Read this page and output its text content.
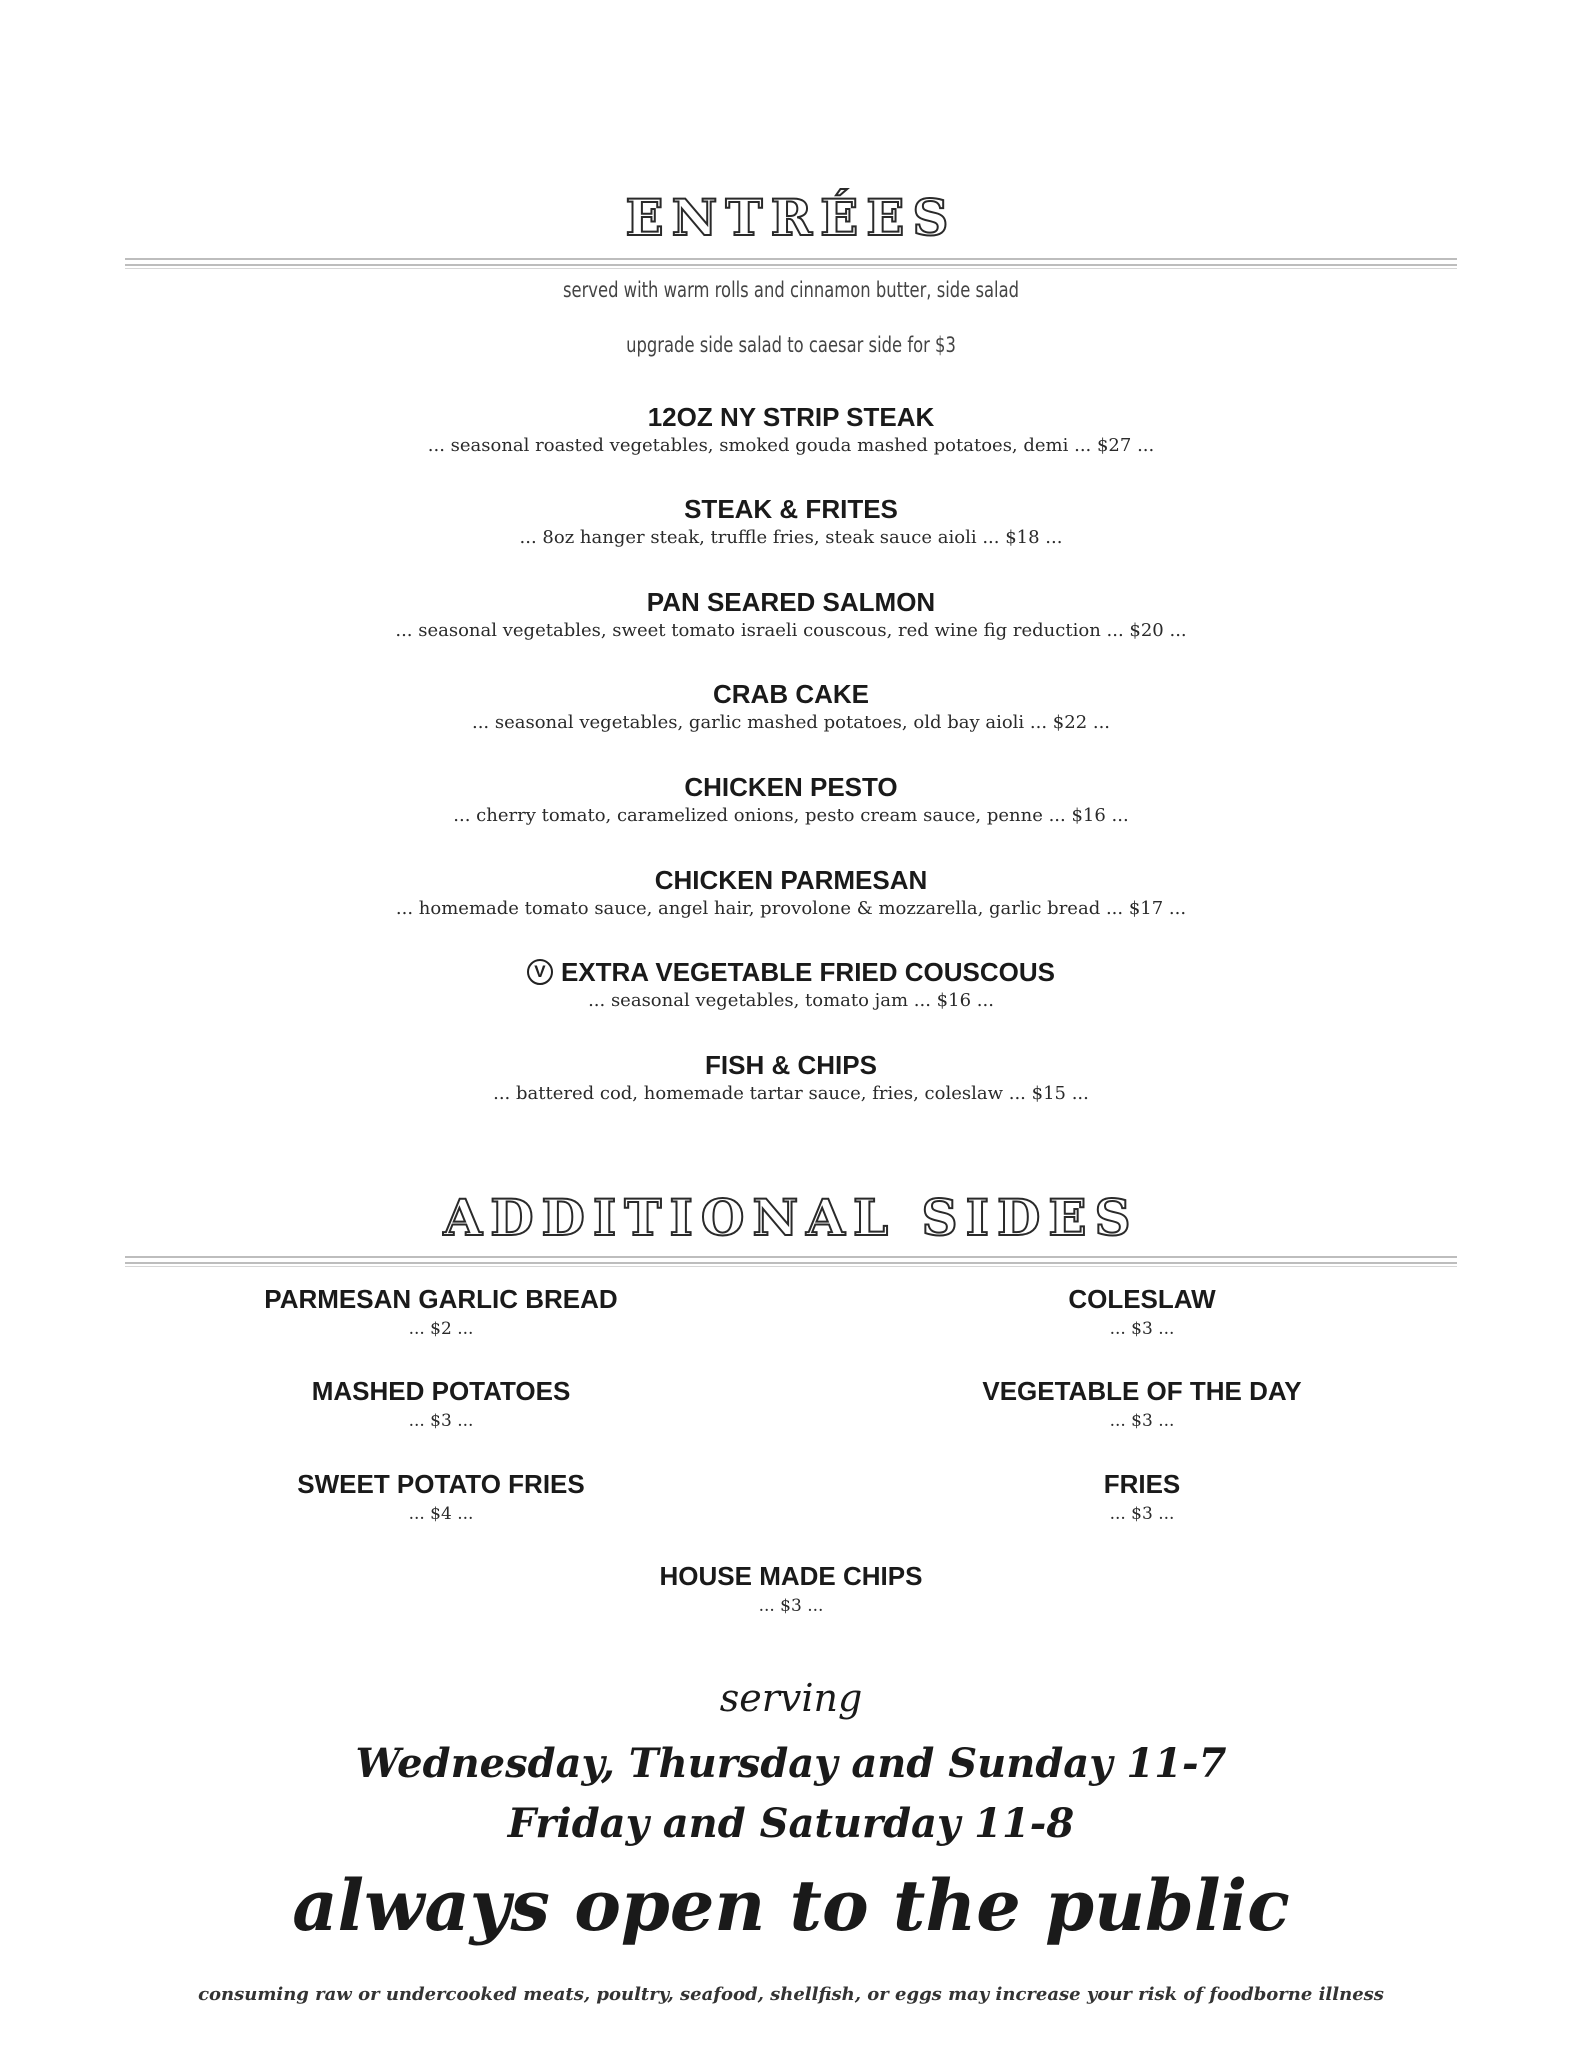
ENTRÉES
served with warm rolls and cinnamon butter, side salad
upgrade side salad to caesar side for $3
12OZ NY STRIP STEAK
... seasonal roasted vegetables, smoked gouda mashed potatoes, demi ... $27 ...
STEAK & FRITES
... 8oz hanger steak, truffle fries, steak sauce aioli ... $18 ...
PAN SEARED SALMON
... seasonal vegetables, sweet tomato israeli couscous, red wine fig reduction ... $20 ...
CRAB CAKE
... seasonal vegetables, garlic mashed potatoes, old bay aioli ... $22 ...
CHICKEN PESTO
... cherry tomato, caramelized onions, pesto cream sauce, penne ... $16 ...
CHICKEN PARMESAN
... homemade tomato sauce, angel hair, provolone & mozzarella, garlic bread ... $17 ...
V EXTRA VEGETABLE FRIED COUSCOUS
... seasonal vegetables, tomato jam ... $16 ...
FISH & CHIPS
... battered cod, homemade tartar sauce, fries, coleslaw ... $15 ...
ADDITIONAL SIDES
PARMESAN GARLIC BREAD
... $2 ...
COLESLAW
... $3 ...
MASHED POTATOES
... $3 ...
VEGETABLE OF THE DAY
... $3 ...
SWEET POTATO FRIES
... $4 ...
FRIES
... $3 ...
HOUSE MADE CHIPS
... $3 ...
serving
Wednesday, Thursday and Sunday 11-7
Friday and Saturday 11-8
always open to the public
consuming raw or undercooked meats, poultry, seafood, shellfish, or eggs may increase your risk of foodborne illness
